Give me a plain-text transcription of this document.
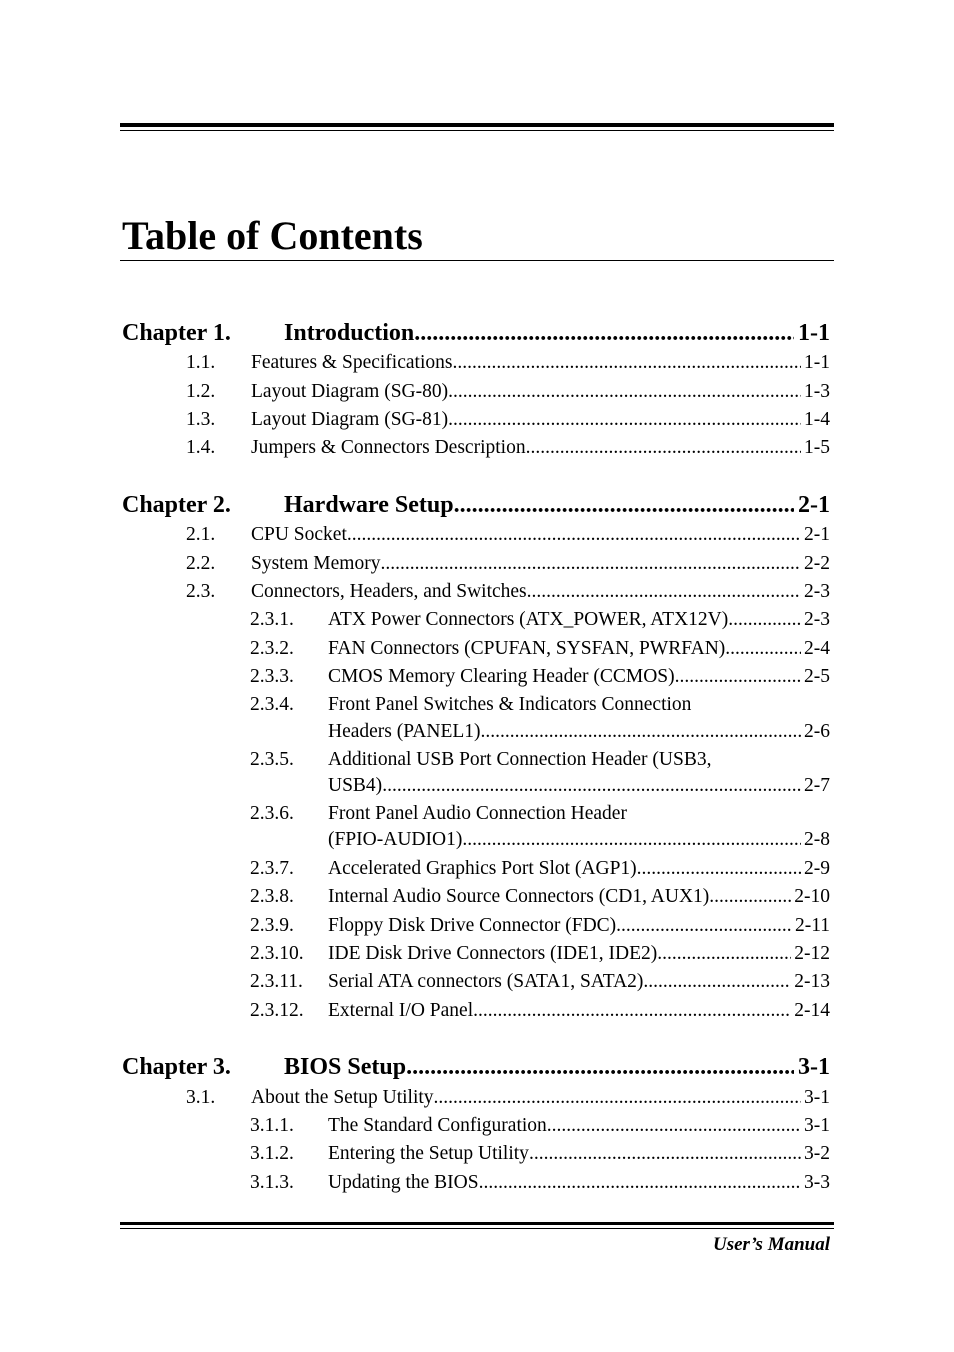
Table of Contents
Chapter 1.	Introduction .....	1-1
1.1.	Features & Specifications .....	1-1
1.2.	Layout Diagram (SG-80) .....	1-3
1.3.	Layout Diagram (SG-81) .....	1-4
1.4.	Jumpers & Connectors Description .....	1-5
Chapter 2.	Hardware Setup .....	2-1
2.1.	CPU Socket .....	2-1
2.2.	System Memory .....	2-2
2.3.	Connectors, Headers, and Switches .....	2-3
2.3.1.	ATX Power Connectors (ATX_POWER, ATX12V) .....	2-3
2.3.2.	FAN Connectors (CPUFAN, SYSFAN, PWRFAN) .....	2-4
2.3.3.	CMOS Memory Clearing Header (CCMOS) .....	2-5
2.3.4.	Front Panel Switches & Indicators Connection
Headers (PANEL1) .....	2-6
2.3.5.	Additional USB Port Connection Header (USB3,
USB4) .....	2-7
2.3.6.	Front Panel Audio Connection Header
(FPIO-AUDIO1) .....	2-8
2.3.7.	Accelerated Graphics Port Slot (AGP1) .....	2-9
2.3.8.	Internal Audio Source Connectors (CD1, AUX1) .....	2-10
2.3.9.	Floppy Disk Drive Connector (FDC) .....	2-11
2.3.10.	IDE Disk Drive Connectors (IDE1, IDE2) .....	2-12
2.3.11.	Serial ATA connectors (SATA1, SATA2) .....	2-13
2.3.12.	External I/O Panel .....	2-14
Chapter 3.	BIOS Setup .....	3-1
3.1.	About the Setup Utility .....	3-1
3.1.1.	The Standard Configuration .....	3-1
3.1.2.	Entering the Setup Utility .....	3-2
3.1.3.	Updating the BIOS .....	3-3
User’s Manual
